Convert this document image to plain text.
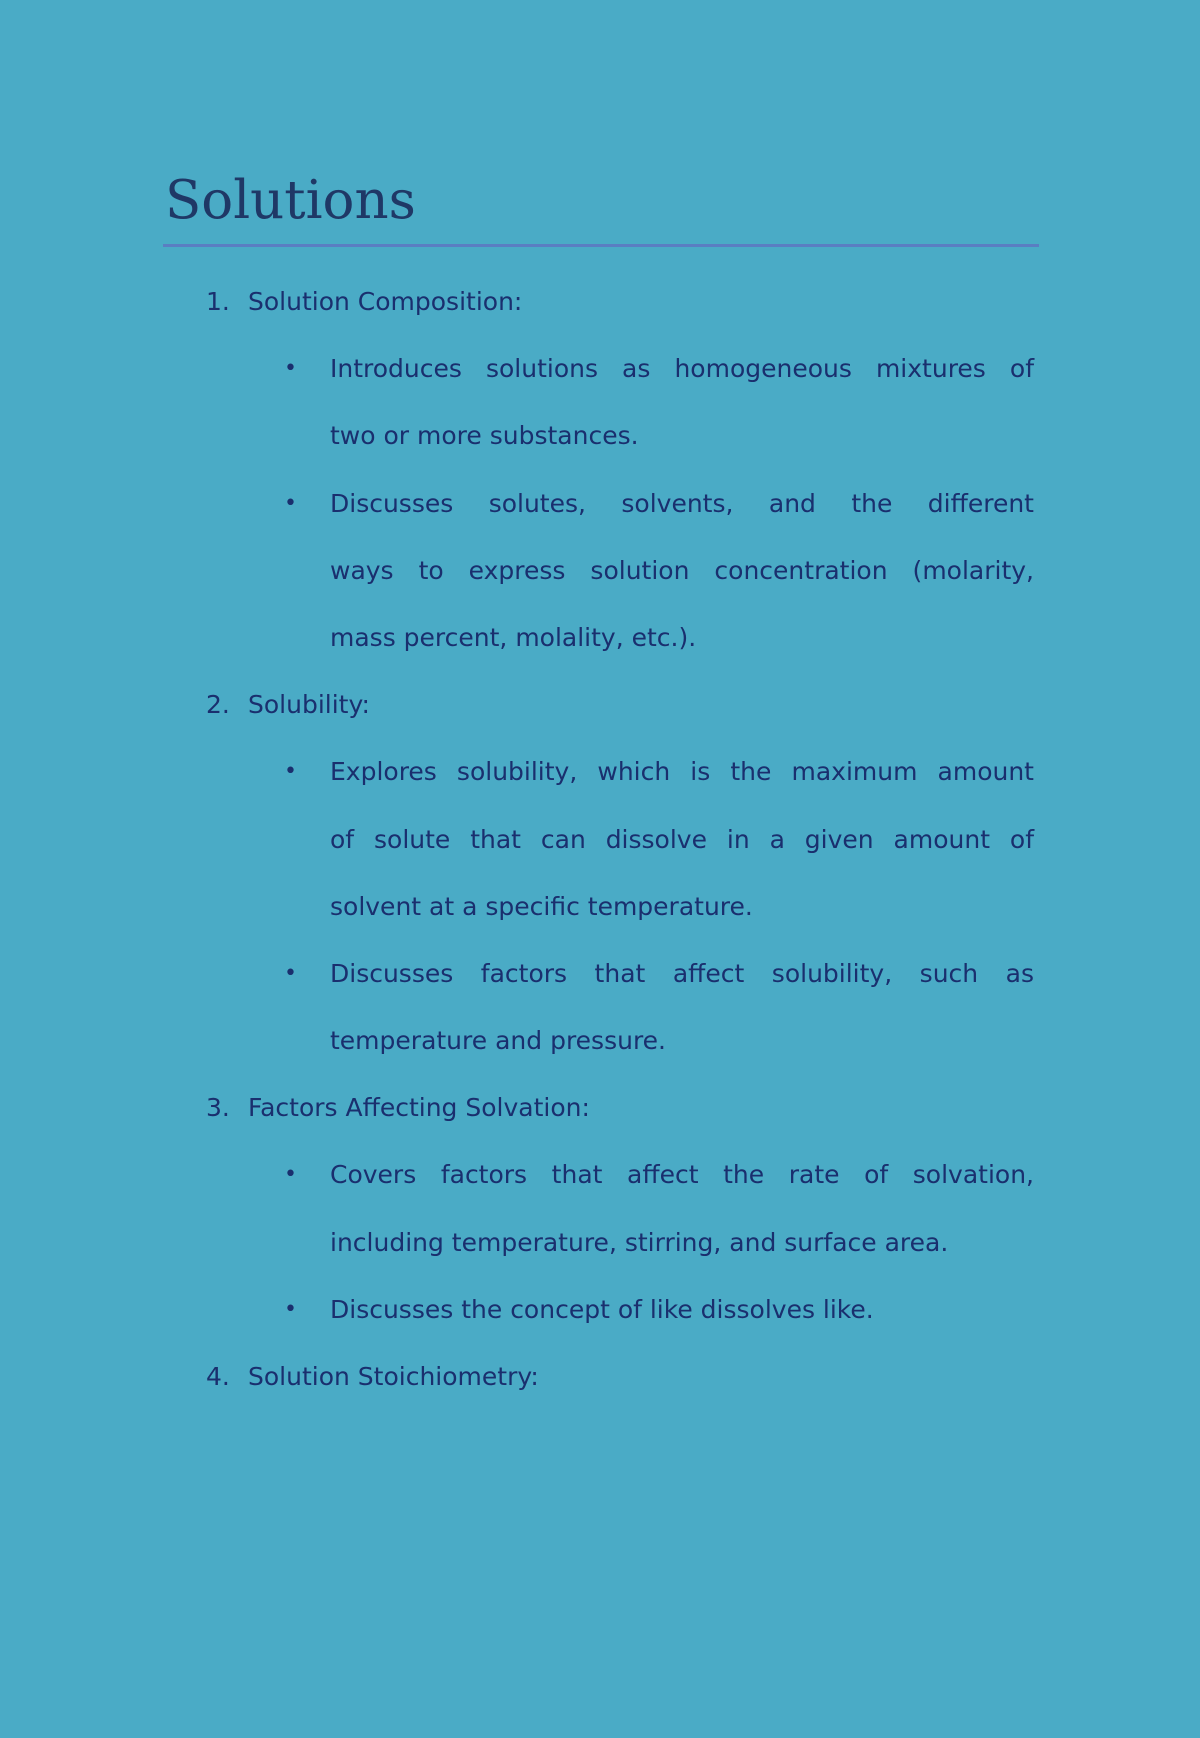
Solutions
1. Solution Composition:
• Introduces solutions as homogeneous mixtures of
two or more substances.
• Discusses solutes, solvents, and the different
ways to express solution concentration (molarity,
mass percent, molality, etc.).
2. Solubility:
• Explores solubility, which is the maximum amount
of solute that can dissolve in a given amount of
solvent at a specific temperature.
• Discusses factors that affect solubility, such as
temperature and pressure.
3. Factors Affecting Solvation:
• Covers factors that affect the rate of solvation,
including temperature, stirring, and surface area.
• Discusses the concept of like dissolves like.
4. Solution Stoichiometry:
